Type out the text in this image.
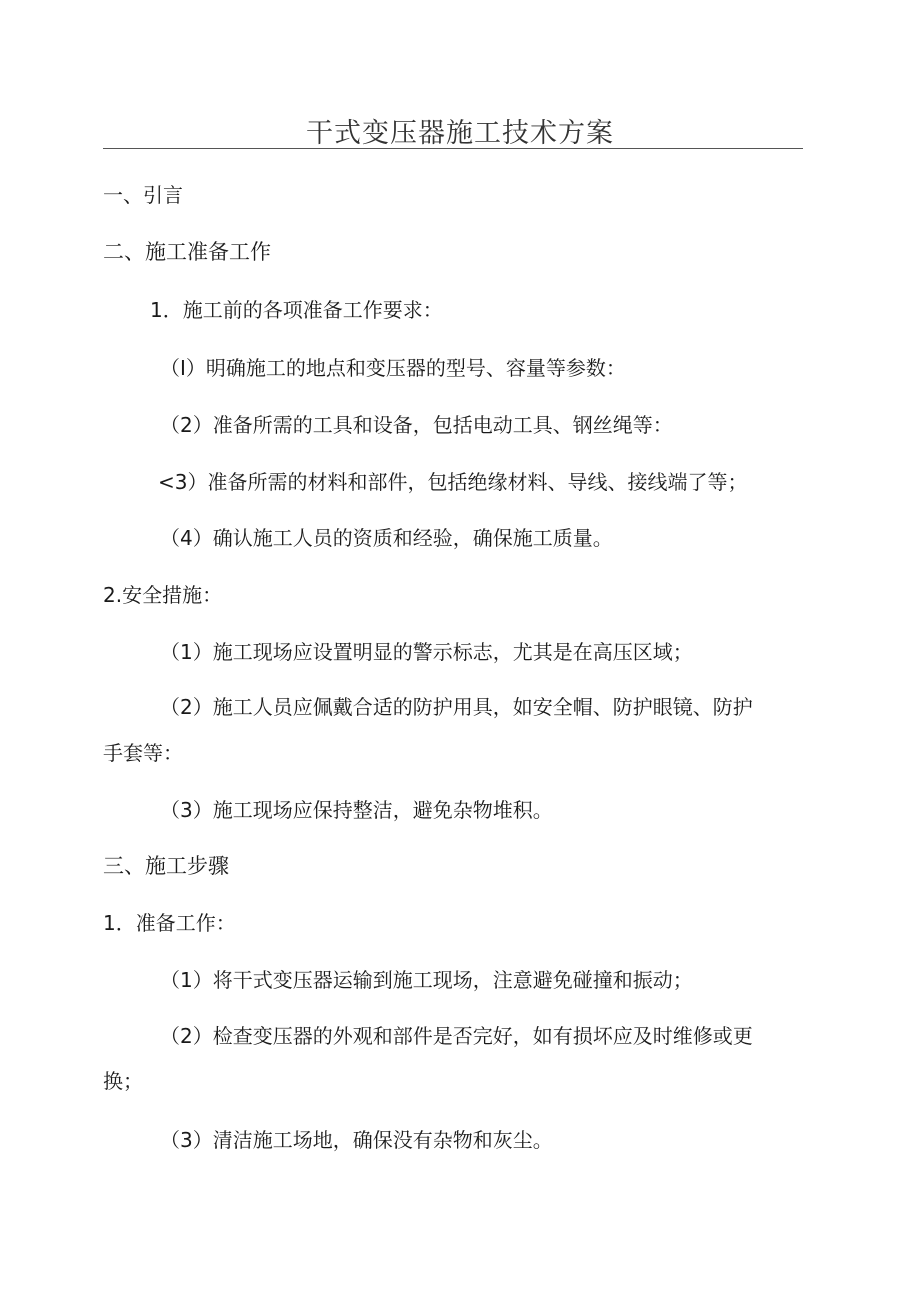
干式变压器施工技术方案
一、引言
二、施工准备工作
1．施工前的各项准备工作要求：
（I）明确施工的地点和变压器的型号、容量等参数：
（2）准备所需的工具和设备，包括电动工具、钢丝绳等：
<3）准备所需的材料和部件，包括绝缘材料、导线、接线端了等；
（4）确认施工人员的资质和经验，确保施工质量。
2.安全措施：
（1）施工现场应设置明显的警示标志，尤其是在高压区域；
（2）施工人员应佩戴合适的防护用具，如安全帽、防护眼镜、防护
手套等：
（3）施工现场应保持整洁，避免杂物堆积。
三、施工步骤
1．准备工作：
（1）将干式变压器运输到施工现场，注意避免碰撞和振动；
（2）检查变压器的外观和部件是否完好，如有损坏应及时维修或更
换；
（3）清洁施工场地，确保没有杂物和灰尘。
